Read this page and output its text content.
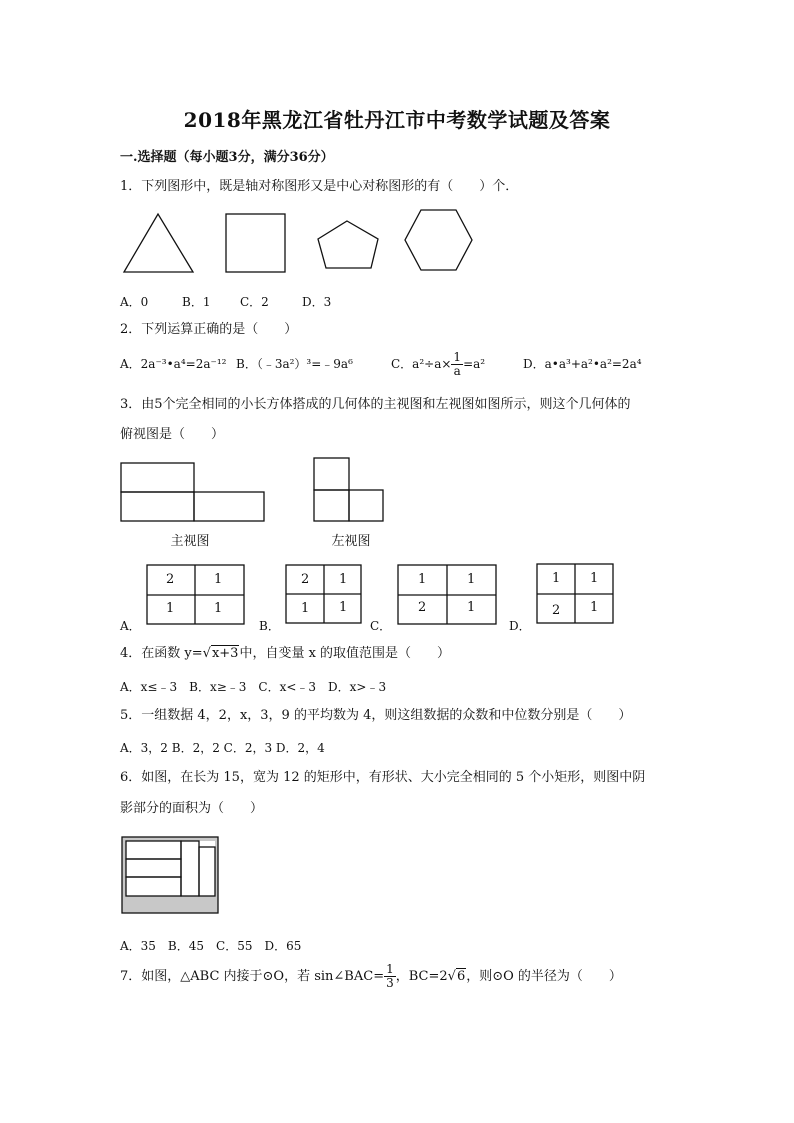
2018年黑龙江省牡丹江市中考数学试题及答案
一.选择题（每小题3分，满分36分）
1．下列图形中，既是轴对称图形又是中心对称图形的有（　　）个．
A．0	B．1 C．2	D．3
2．下列运算正确的是（　　）
A．2a⁻³•a⁴=2a⁻¹² B．（﹣3a²）³=﹣9a⁶	C．$a^2\div a\times \frac{1}{a} =a^2$	D．a•a³+a²•a²=2a⁴
3．由5个完全相同的小长方体搭成的几何体的主视图和左视图如图所示，则这个几何体的
俯视图是（　　）
主视图	左视图
2	1
1	1
2 1
1 1
1	1
2	1
1 1
2 1
A．	B．	C．	D．
4．在函数 y=√x+3中，自变量 x 的取值范围是（　　）
A．x≤﹣3　B．x≥﹣3　C．x<﹣3　D．x>﹣3
5．一组数据 4，2，x，3，9 的平均数为 4，则这组数据的众数和中位数分别是（　　）
A．3，2 B．2，2 C．2，3 D．2，4
6．如图，在长为 15，宽为 12 的矩形中，有形状、大小完全相同的 5 个小矩形，则图中阴
影部分的面积为（　　）
A．35　B．45　C．55　D．65
7．如图，△ABC 内接于⊙O，若 sin∠BAC= $\frac{1}{3}$ ，BC=2√6，则⊙O 的半径为（　　）
